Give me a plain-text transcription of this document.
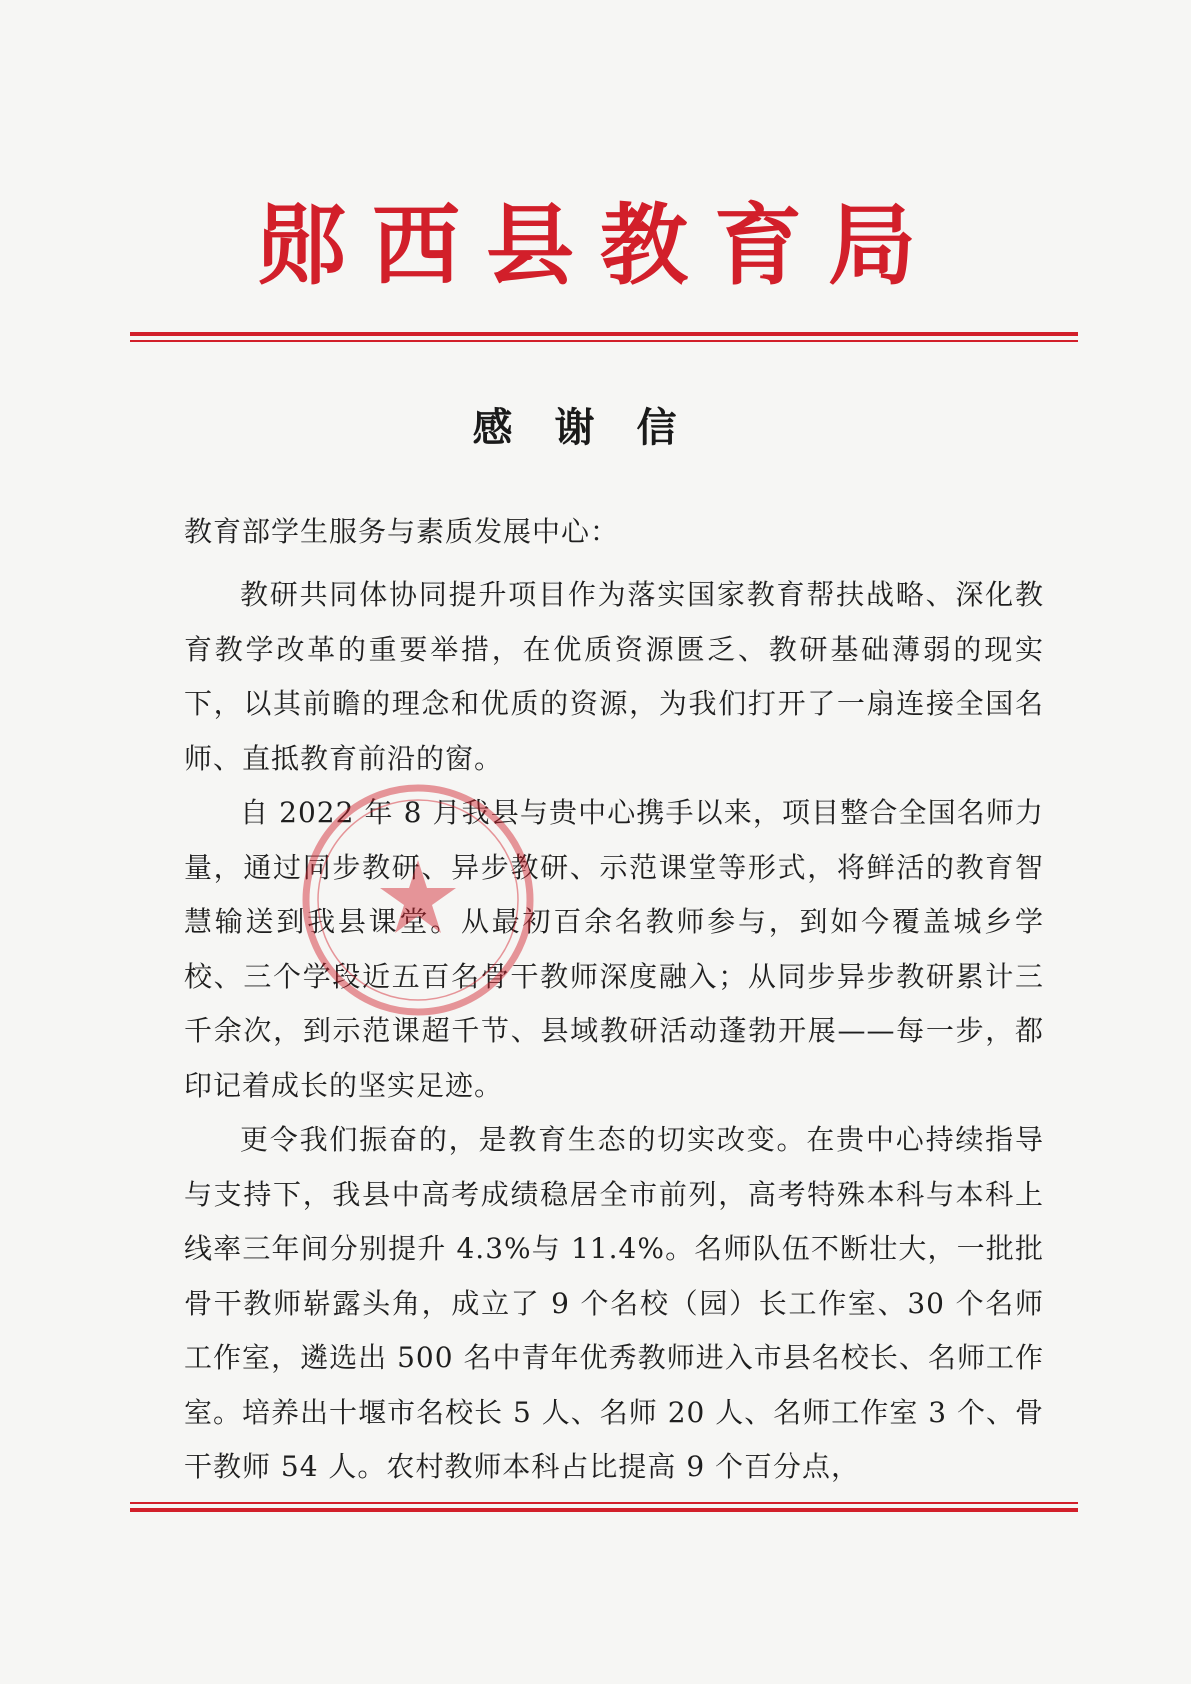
郧西县教育局
感谢信
教育部学生服务与素质发展中心：

教研共同体协同提升项目作为落实国家教育帮扶战略、深化教育教学改革的重要举措，在优质资源匮乏、教研基础薄弱的现实下，以其前瞻的理念和优质的资源，为我们打开了一扇连接全国名师、直抵教育前沿的窗。

自 2022 年 8 月我县与贵中心携手以来，项目整合全国名师力量，通过同步教研、异步教研、示范课堂等形式，将鲜活的教育智慧输送到我县课堂。从最初百余名教师参与，到如今覆盖城乡学校、三个学段近五百名骨干教师深度融入；从同步异步教研累计三千余次，到示范课超千节、县域教研活动蓬勃开展——每一步，都印记着成长的坚实足迹。

更令我们振奋的，是教育生态的切实改变。在贵中心持续指导与支持下，我县中高考成绩稳居全市前列，高考特殊本科与本科上线率三年间分别提升 4.3%与 11.4%。名师队伍不断壮大，一批批骨干教师崭露头角，成立了 9 个名校（园）长工作室、30 个名师工作室，遴选出 500 名中青年优秀教师进入市县名校长、名师工作室。培养出十堰市名校长 5 人、名师 20 人、名师工作室 3 个、骨干教师 54 人。农村教师本科占比提高 9 个百分点，
